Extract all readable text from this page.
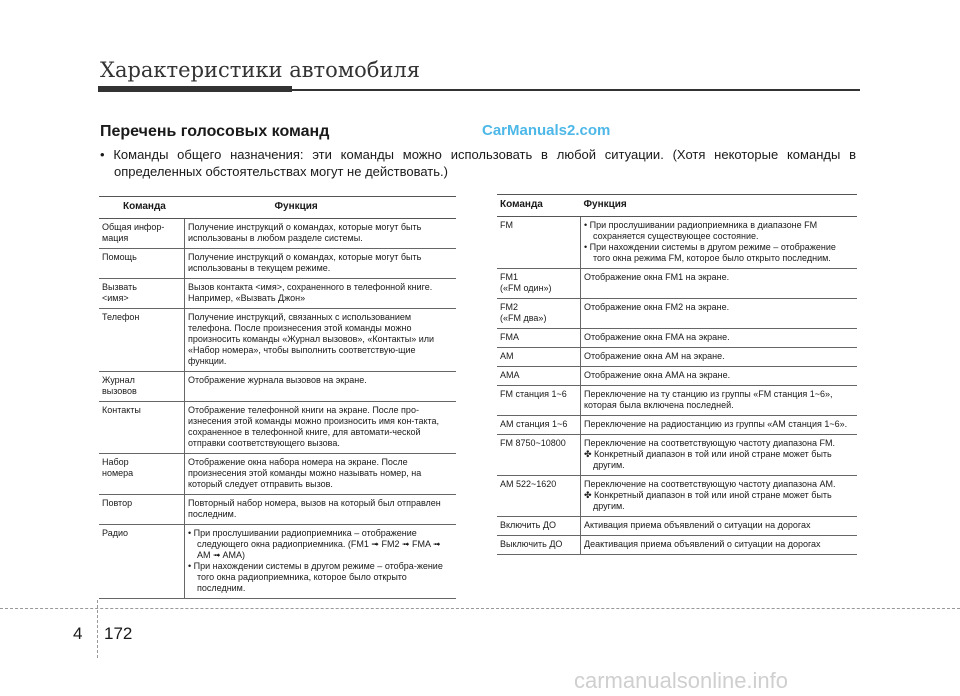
Характеристики автомобиля
Перечень голосовых команд	CarManuals2.com
• Команды общего назначения: эти команды можно использовать в любой ситуации. (Хотя некоторые команды в
определенных обстоятельствах могут не действовать.)
Команда	Функция
Общая инфор-
мация	Получение инструкций о командах, которые могут быть использованы в любом разделе системы.
Помощь	Получение инструкций о командах, которые могут быть использованы в текущем режиме.
Вызвать
<имя>	Вызов контакта <имя>, сохраненного в телефонной книге. Например, «Вызвать Джон»
Телефон	Получение инструкций, связанных с использованием телефона. После произнесения этой команды можно произносить команды «Журнал вызовов», «Контакты» или «Набор номера», чтобы выполнить соответствую-щие функции.
Журнал
вызовов	Отображение журнала вызовов на экране.
Контакты	Отображение телефонной книги на экране. После про-изнесения этой команды можно произносить имя кон-такта, сохраненное в телефонной книге, для автомати-ческой отправки соответствующего вызова.
Набор
номера	Отображение окна набора номера на экране. После произнесения этой команды можно называть номер, на который следует отправить вызов.
Повтор	Повторный набор номера, вызов на который был отправлен последним.
Радио	• При прослушивании радиоприемника – отображение следующего окна радиоприемника. (FM1 ➟ FM2 ➟ FMA ➟ AM ➟ AMA)
• При нахождении системы в другом режиме – отобра-жение того окна радиоприемника, которое было открыто последним.
Команда	Функция
FM	• При прослушивании радиоприемника в диапазоне FM сохраняется существующее состояние.
• При нахождении системы в другом режиме – отображение того окна режима FM, которое было открыто последним.

FM1
(«FM один»)	Отображение окна FM1 на экране.
FM2
(«FM два»)	Отображение окна FM2 на экране.
FMA	Отображение окна FMA на экране.
AM	Отображение окна AM на экране.
AMA	Отображение окна AMA на экране.
FM станция 1~6	Переключение на ту станцию из группы «FM станция 1~6», которая была включена последней.
AM станция 1~6	Переключение на радиостанцию из группы «AM станция 1~6».
FM 8750~10800	Переключение на соответствующую частоту диапазона FM.
✤ Конкретный диапазон в той или иной стране может быть другим.

AM 522~1620	Переключение на соответствующую частоту диапазона AM.
✤ Конкретный диапазон в той или иной стране может быть другим.

Включить ДО	Активация приема объявлений о ситуации на дорогах
Выключить ДО	Деактивация приема объявлений о ситуации на дорогах
4 172
carmanualsonline.info
